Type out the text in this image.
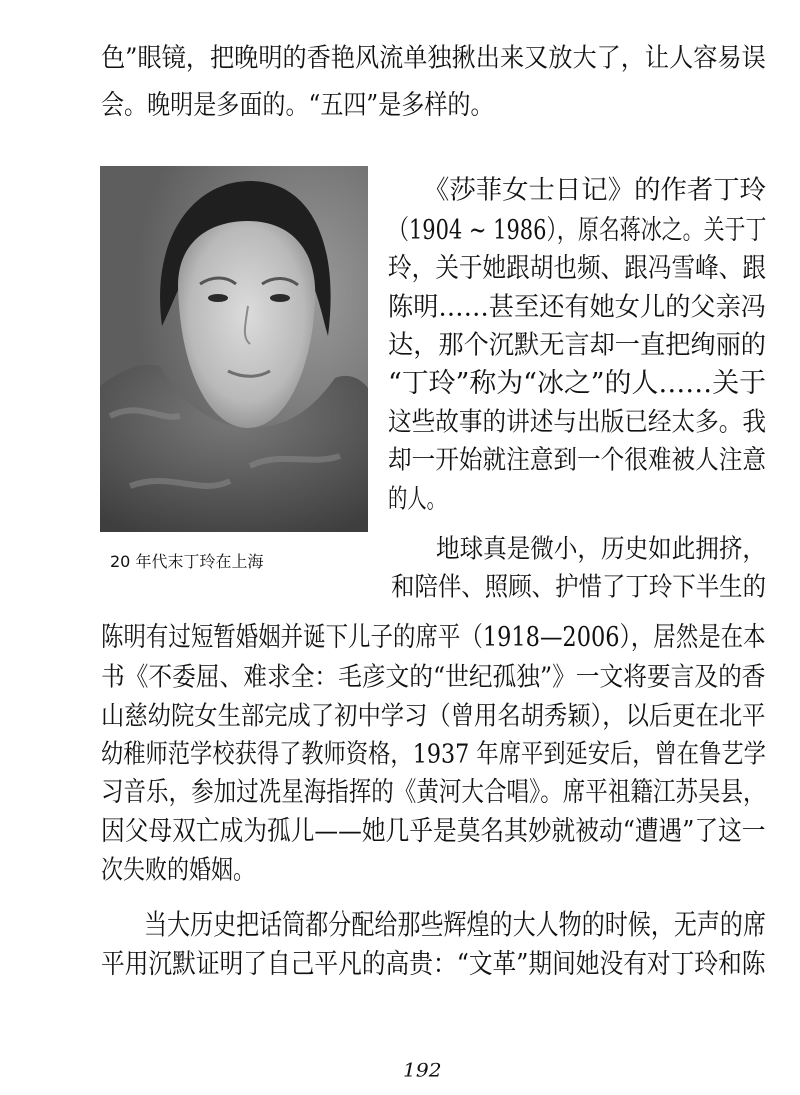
色”眼镜，把晚明的香艳风流单独揪出来又放大了，让人容易误
会。晚明是多面的。“五四”是多样的。
20 年代末丁玲在上海
《莎菲女士日记》的作者丁玲
（1904 ~ 1986），原名蒋冰之。关于丁
玲，关于她跟胡也频、跟冯雪峰、跟
陈明……甚至还有她女儿的父亲冯
达，那个沉默无言却一直把绚丽的
“丁玲”称为“冰之”的人……关于
这些故事的讲述与出版已经太多。我
却一开始就注意到一个很难被人注意
的人。
地球真是微小，历史如此拥挤，
和陪伴、照顾、护惜了丁玲下半生的
陈明有过短暂婚姻并诞下儿子的席平（1918—2006），居然是在本
书《不委屈、难求全：毛彦文的“世纪孤独”》一文将要言及的香
山慈幼院女生部完成了初中学习（曾用名胡秀颖），以后更在北平
幼稚师范学校获得了教师资格，1937 年席平到延安后，曾在鲁艺学
习音乐，参加过冼星海指挥的《黄河大合唱》。席平祖籍江苏吴县，
因父母双亡成为孤儿——她几乎是莫名其妙就被动“遭遇”了这一
次失败的婚姻。
当大历史把话筒都分配给那些辉煌的大人物的时候，无声的席
平用沉默证明了自己平凡的高贵：“文革”期间她没有对丁玲和陈
192
